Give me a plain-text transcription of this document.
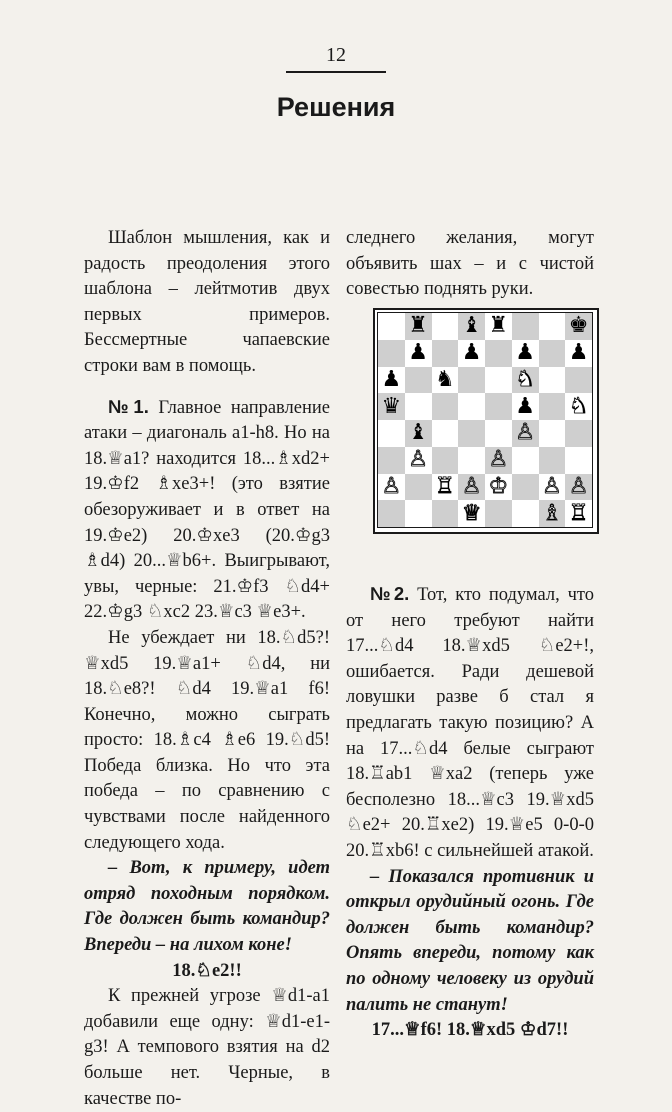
12
Решения

Шаблон мышления, как и радость преодоления этого шаблона – лейтмотив двух первых примеров. Бессмертные чапаевские строки вам в помощь.

№1. Главное направление атаки – диагональ a1-h8. Но на 18.♕a1? находится 18...♗xd2+ 19.♔f2 ♗xe3+! (это взятие обезоруживает и в ответ на 19.♔e2) 20.♔xe3 (20.♔g3 ♗d4) 20...♕b6+. Выигрывают, увы, черные: 21.♔f3 ♘d4+ 22.♔g3 ♘xc2 23.♕c3 ♕e3+.

Не убеждает ни 18.♘d5?! ♕xd5 19.♕a1+ ♘d4, ни 18.♘e8?! ♘d4 19.♕a1 f6! Конечно, можно сыграть просто: 18.♗c4 ♗e6 19.♘d5! Победа близка. Но что эта победа – по сравнению с чувствами после найденного следующего хода.

– Вот, к примеру, идет отряд походным порядком. Где должен быть командир? Впереди – на лихом коне!

18.♘e2!!

К прежней угрозе ♕d1-a1 добавили еще одну: ♕d1-e1-g3! А темпового взятия на d2 больше нет. Черные, в качестве по-

следнего желания, могут объявить шах – и с чистой совестью поднять руки.

♜ ♝ ♜	♚
♟ ♟ ♟ ♟
♟ ♞	♞
♛	♟ ♞
♝	♙
♙	♙
♙ ♖ ♙ ♔ ♙ ♙
♕	♗ ♖

№2. Тот, кто подумал, что от него требуют найти 17...♘d4 18.♕xd5 ♘e2+!, ошибается. Ради дешевой ловушки разве б стал я предлагать такую позицию? А на 17...♘d4 белые сыграют 18.♖ab1 ♕xa2 (теперь уже бесполезно 18...♕c3 19.♕xd5 ♘e2+ 20.♖xe2) 19.♕e5 0-0-0 20.♖xb6! с сильнейшей атакой.

– Показался противник и открыл орудийный огонь. Где должен быть командир? Опять впереди, потому как по одному человеку из орудий палить не станут!

17...♕f6! 18.♕xd5 ♔d7!!
